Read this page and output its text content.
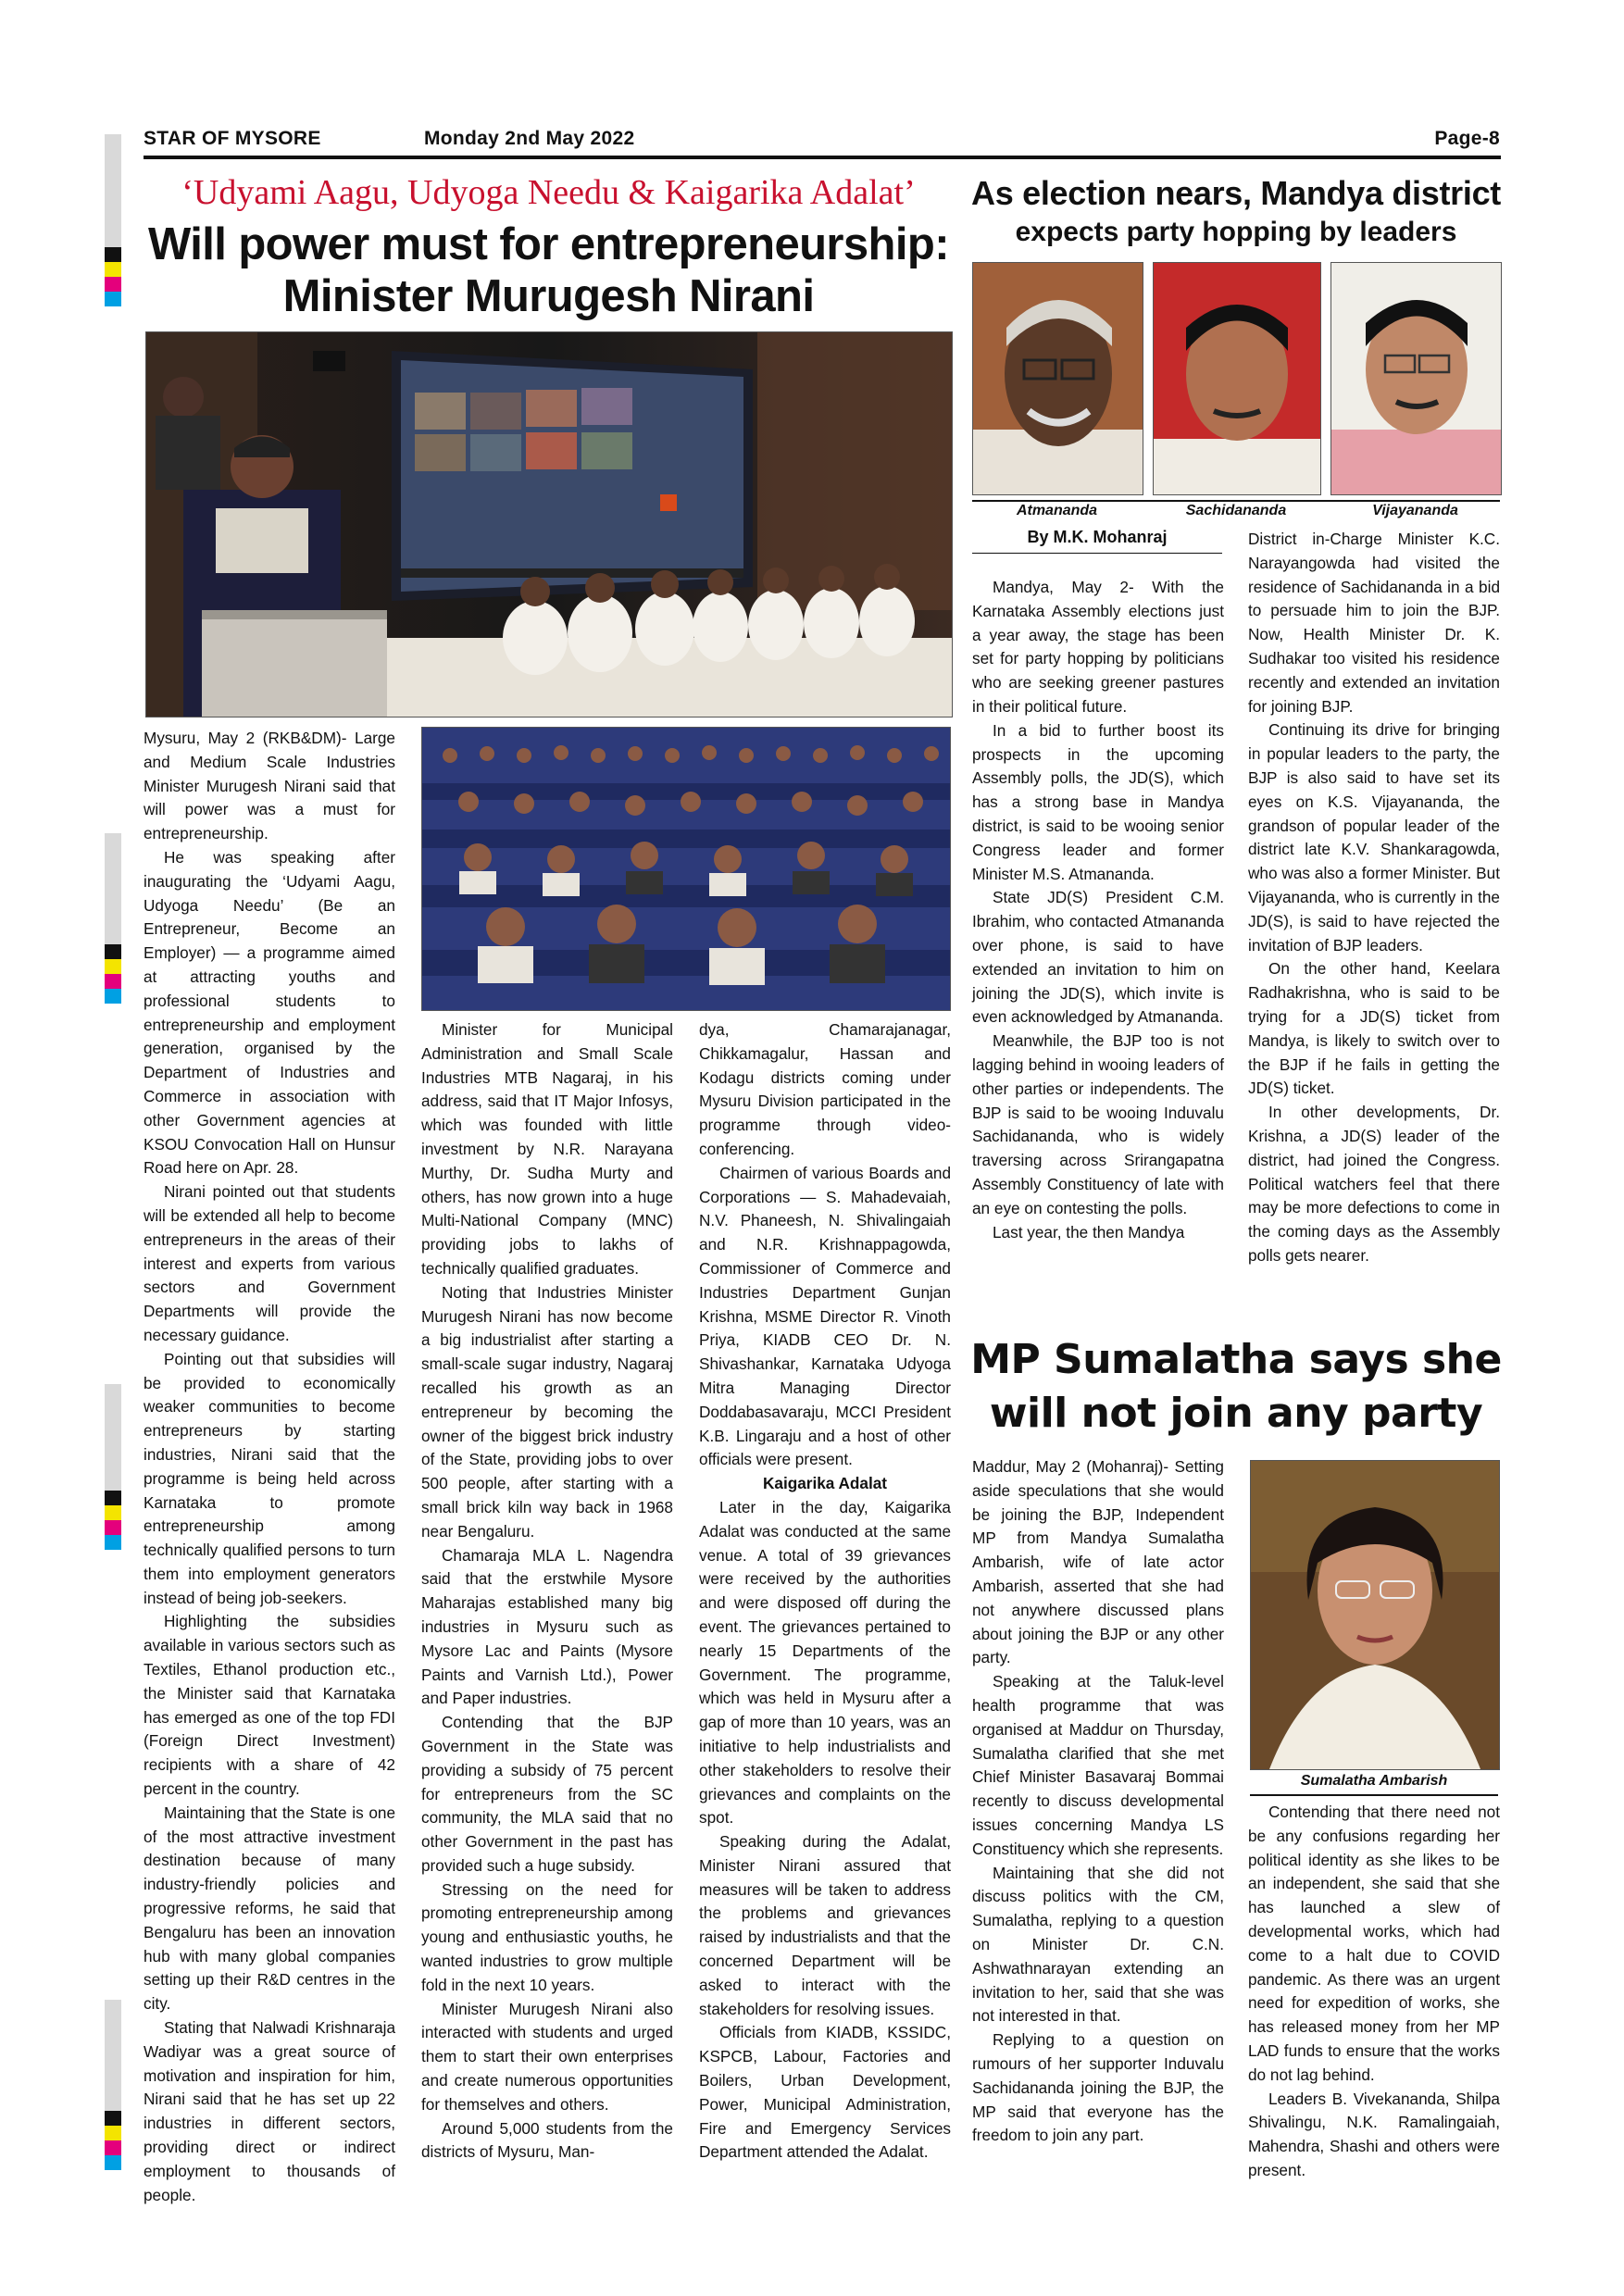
STAR OF MYSORE	Monday 2nd May 2022	Page-8
‘Udyami Aagu, Udyoga Needu & Kaigarika Adalat’
Will power must for entrepreneurship:
Minister Murugesh Nirani

Mysuru, May 2 (RKB&DM)- Large and Medium Scale Industries Minister Murugesh Nirani said that will power was a must for entrepreneurship.

He was speaking after inaugurating the ‘Udyami Aagu, Udyoga Needu’ (Be an Entrepreneur, Become an Employer) — a programme aimed at attracting youths and professional students to entrepreneurship and employment generation, organised by the Department of Industries and Commerce in association with other Government agencies at KSOU Convocation Hall on Hunsur Road here on Apr. 28.

Nirani pointed out that students will be extended all help to become entrepreneurs in the areas of their interest and experts from various sectors and Government Departments will provide the necessary guidance.

Pointing out that subsidies will be provided to economically weaker communities to become entrepreneurs by starting industries, Nirani said that the programme is being held across Karnataka to promote entrepreneurship among technically qualified persons to turn them into employment generators instead of being job-seekers.

Highlighting the subsidies available in various sectors such as Textiles, Ethanol production etc., the Minister said that Karnataka has emerged as one of the top FDI (Foreign Direct Investment) recipients with a share of 42 percent in the country.

Maintaining that the State is one of the most attractive investment destination because of many industry-friendly policies and progressive reforms, he said that Bengaluru has been an innovation hub with many global companies setting up their R&D centres in the city.

Stating that Nalwadi Krishnaraja Wadiyar was a great source of motivation and inspiration for him, Nirani said that he has set up 22 industries in different sectors, providing direct or indirect employment to thousands of people.

Minister for Municipal Administration and Small Scale Industries MTB Nagaraj, in his address, said that IT Major Infosys, which was founded with little investment by N.R. Narayana Murthy, Dr. Sudha Murty and others, has now grown into a huge Multi-National Company (MNC) providing jobs to lakhs of technically qualified graduates.

Noting that Industries Minister Murugesh Nirani has now become a big industrialist after starting a small-scale sugar industry, Nagaraj recalled his growth as an entrepreneur by becoming the owner of the biggest brick industry of the State, providing jobs to over 500 people, after starting with a small brick kiln way back in 1968 near Bengaluru.

Chamaraja MLA L. Nagendra said that the erstwhile Mysore Maharajas established many big industries in Mysuru such as Mysore Lac and Paints (Mysore Paints and Varnish Ltd.), Power and Paper industries.

Contending that the BJP Government in the State was providing a subsidy of 75 percent for entrepreneurs from the SC community, the MLA said that no other Government in the past has provided such a huge subsidy.

Stressing on the need for promoting entrepreneurship among young and enthusiastic youths, he wanted industries to grow multiple fold in the next 10 years.

Minister Murugesh Nirani also interacted with students and urged them to start their own enterprises and create numerous opportunities for themselves and others.

Around 5,000 students from the districts of Mysuru, Man-

dya, Chamarajanagar, Chikkamagalur, Hassan and Kodagu districts coming under Mysuru Division participated in the programme through video-conferencing.

Chairmen of various Boards and Corporations — S. Mahadevaiah, N.V. Phaneesh, N. Shivalingaiah and N.R. Krishnappagowda, Commissioner of Commerce and Industries Department Gunjan Krishna, MSME Director R. Vinoth Priya, KIADB CEO Dr. N. Shivashankar, Karnataka Udyoga Mitra Managing Director Doddabasavaraju, MCCI President K.B. Lingaraju and a host of other officials were present.

Kaigarika Adalat

Later in the day, Kaigarika Adalat was conducted at the same venue. A total of 39 grievances were received by the authorities and were disposed off during the event. The grievances pertained to nearly 15 Departments of the Government. The programme, which was held in Mysuru after a gap of more than 10 years, was an initiative to help industrialists and other stakeholders to resolve their grievances and complaints on the spot.

Speaking during the Adalat, Minister Nirani assured that measures will be taken to address the problems and grievances raised by industrialists and that the concerned Department will be asked to interact with the stakeholders for resolving issues.

Officials from KIADB, KSSIDC, KSPCB, Labour, Factories and Boilers, Urban Development, Power, Municipal Administration, Fire and Emergency Services Department attended the Adalat.

As election nears, Mandya district
expects party hopping by leaders
Atmananda	Sachidananda	Vijayananda
By M.K. Mohanraj

Mandya, May 2- With the Karnataka Assembly elections just a year away, the stage has been set for party hopping by politicians who are seeking greener pastures in their political future.

In a bid to further boost its prospects in the upcoming Assembly polls, the JD(S), which has a strong base in Mandya district, is said to be wooing senior Congress leader and former Minister M.S. Atmananda.

State JD(S) President C.M. Ibrahim, who contacted Atmananda over phone, is said to have extended an invitation to him on joining the JD(S), which invite is even acknowledged by Atmananda.

Meanwhile, the BJP too is not lagging behind in wooing leaders of other parties or independents. The BJP is said to be wooing Induvalu Sachidananda, who is widely traversing across Srirangapatna Assembly Constituency of late with an eye on contesting the polls.

Last year, the then Mandya

District in-Charge Minister K.C. Narayangowda had visited the residence of Sachidananda in a bid to persuade him to join the BJP. Now, Health Minister Dr. K. Sudhakar too visited his residence recently and extended an invitation for joining BJP.

Continuing its drive for bringing in popular leaders to the party, the BJP is also said to have set its eyes on K.S. Vijayananda, the grandson of popular leader of the district late K.V. Shankaragowda, who was also a former Minister. But Vijayananda, who is currently in the JD(S), is said to have rejected the invitation of BJP leaders.

On the other hand, Keelara Radhakrishna, who is said to be trying for a JD(S) ticket from Mandya, is likely to switch over to the BJP if he fails in getting the JD(S) ticket.

In other developments, Dr. Krishna, a JD(S) leader of the district, had joined the Congress. Political watchers feel that there may be more defections to come in the coming days as the Assembly polls gets nearer.

MP Sumalatha says she
will not join any party
Sumalatha Ambarish

Maddur, May 2 (Mohanraj)- Setting aside speculations that she would be joining the BJP, Independent MP from Mandya Sumalatha Ambarish, wife of late actor Ambarish, asserted that she had not anywhere discussed plans about joining the BJP or any other party.

Speaking at the Taluk-level health programme that was organised at Maddur on Thursday, Sumalatha clarified that she met Chief Minister Basavaraj Bommai recently to discuss developmental issues concerning Mandya LS Constituency which she represents.

Maintaining that she did not discuss politics with the CM, Sumalatha, replying to a question on Minister Dr. C.N. Ashwathnarayan extending an invitation to her, said that she was not interested in that.

Replying to a question on rumours of her supporter Induvalu Sachidananda joining the BJP, the MP said that everyone has the freedom to join any part.

Contending that there need not be any confusions regarding her political identity as she likes to be an independent, she said that she has launched a slew of developmental works, which had come to a halt due to COVID pandemic. As there was an urgent need for expedition of works, she has released money from her MP LAD funds to ensure that the works do not lag behind.

Leaders B. Vivekananda, Shilpa Shivalingu, N.K. Ramalingaiah, Mahendra, Shashi and others were present.
